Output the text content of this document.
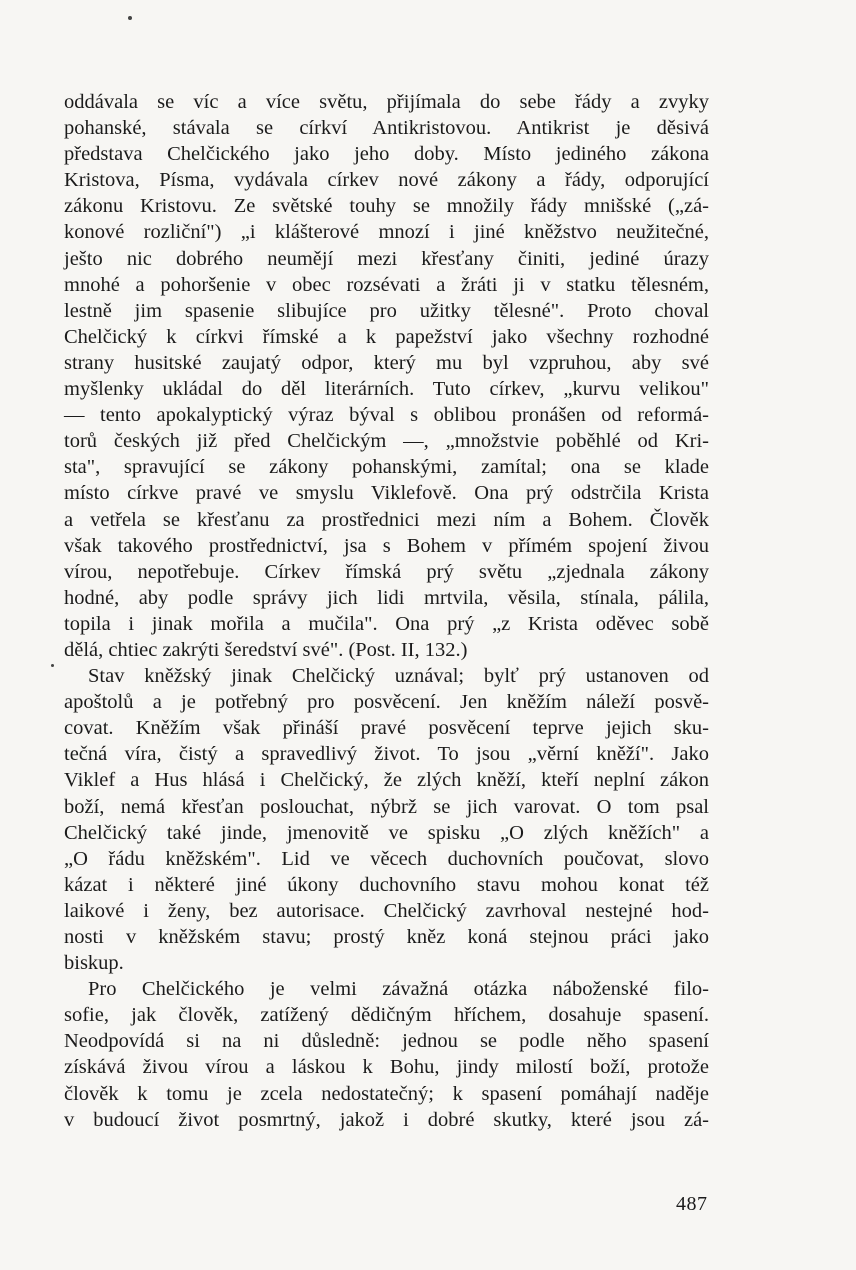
oddávala se víc a více světu, přijímala do sebe řády a zvyky
pohanské, stávala se církví Antikristovou. Antikrist je děsivá
představa Chelčického jako jeho doby. Místo jediného zákona
Kristova, Písma, vydávala církev nové zákony a řády, odporující
zákonu Kristovu. Ze světské touhy se množily řády mnišské („zá-
konové rozliční") „i klášterové mnozí i jiné kněžstvo neužitečné,
ješto nic dobrého neumějí mezi křesťany činiti, jediné úrazy
mnohé a pohoršenie v obec rozsévati a žráti ji v statku tělesném,
lestně jim spasenie slibujíce pro užitky tělesné". Proto choval
Chelčický k církvi římské a k papežství jako všechny rozhodné
strany husitské zaujatý odpor, který mu byl vzpruhou, aby své
myšlenky ukládal do děl literárních. Tuto církev, „kurvu velikou"
— tento apokalyptický výraz býval s oblibou pronášen od reformá-
torů českých již před Chelčickým —, „množstvie poběhlé od Kri-
sta", spravující se zákony pohanskými, zamítal; ona se klade
místo církve pravé ve smyslu Viklefově. Ona prý odstrčila Krista
a vetřela se křesťanu za prostřednici mezi ním a Bohem. Člověk
však takového prostřednictví, jsa s Bohem v přímém spojení živou
vírou, nepotřebuje. Církev římská prý světu „zjednala zákony
hodné, aby podle správy jich lidi mrtvila, věsila, stínala, pálila,
topila i jinak mořila a mučila". Ona prý „z Krista oděvec sobě
dělá, chtiec zakrýti šeredství své". (Post. II, 132.)
Stav kněžský jinak Chelčický uznával; bylť prý ustanoven od
apoštolů a je potřebný pro posvěcení. Jen kněžím náleží posvě-
covat. Kněžím však přináší pravé posvěcení teprve jejich sku-
tečná víra, čistý a spravedlivý život. To jsou „věrní kněží". Jako
Viklef a Hus hlásá i Chelčický, že zlých kněží, kteří neplní zákon
boží, nemá křesťan poslouchat, nýbrž se jich varovat. O tom psal
Chelčický také jinde, jmenovitě ve spisku „O zlých kněžích" a
„O řádu kněžském". Lid ve věcech duchovních poučovat, slovo
kázat i některé jiné úkony duchovního stavu mohou konat též
laikové i ženy, bez autorisace. Chelčický zavrhoval nestejné hod-
nosti v kněžském stavu; prostý kněz koná stejnou práci jako
biskup.
Pro Chelčického je velmi závažná otázka náboženské filo-
sofie, jak člověk, zatížený dědičným hříchem, dosahuje spasení.
Neodpovídá si na ni důsledně: jednou se podle něho spasení
získává živou vírou a láskou k Bohu, jindy milostí boží, protože
člověk k tomu je zcela nedostatečný; k spasení pomáhají naděje
v budoucí život posmrtný, jakož i dobré skutky, které jsou zá-
487
